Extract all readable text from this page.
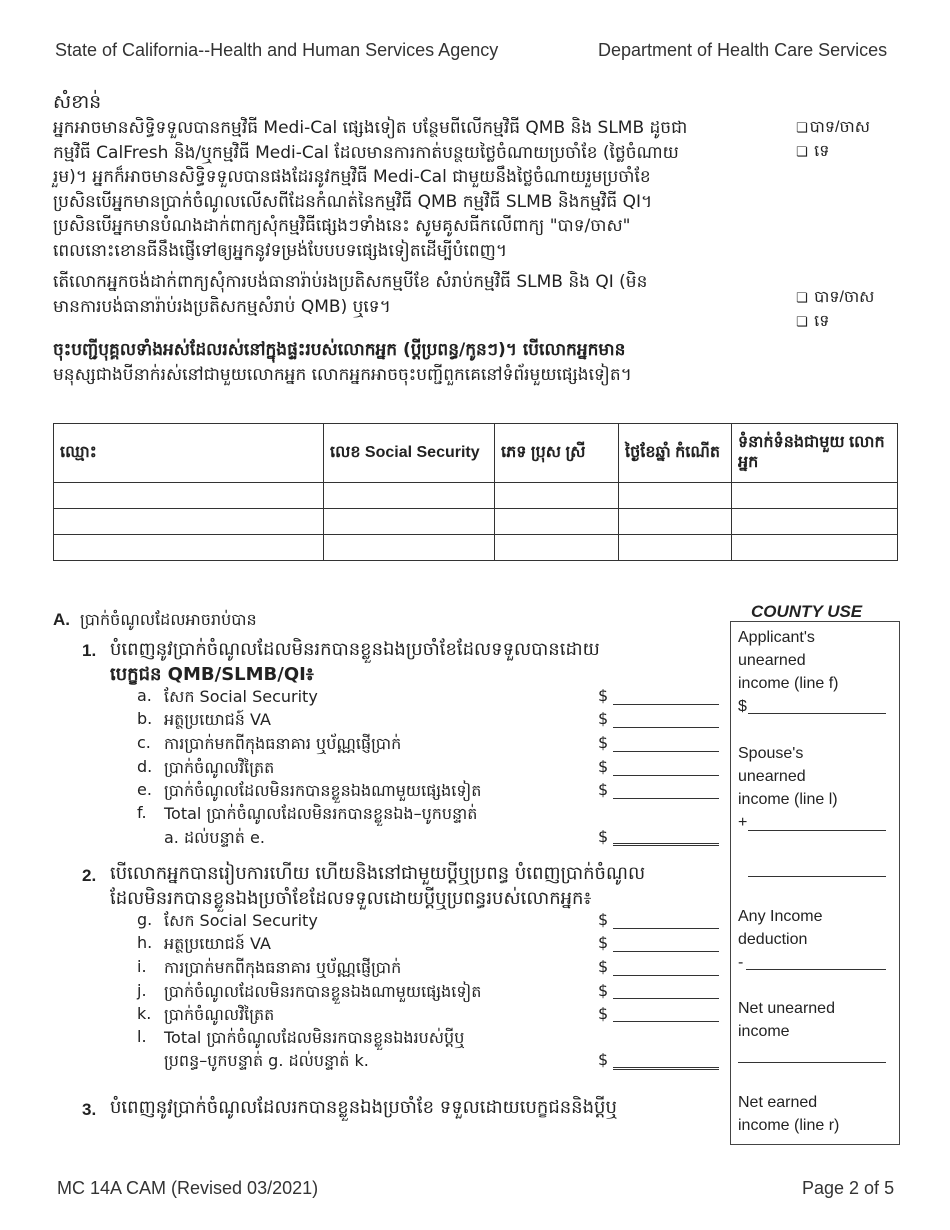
State of California--Health and Human Services Agency	Department of Health Care Services
សំខាន់
អ្នកអាចមានសិទ្ធិទទួលបានកម្មវិធី Medi-Cal ផ្សេងទៀត បន្ថែមពីលើកម្មវិធី QMB និង SLMB ដូចជា
កម្មវិធី CalFresh និង/ឬកម្មវិធី Medi-Cal ដែលមានការកាត់បន្ថយថ្លៃចំណាយប្រចាំខែ (ថ្លៃចំណាយ
រួម)។ អ្នកក៏អាចមានសិទ្ធិទទួលបានផងដែរនូវកម្មវិធី Medi-Cal ជាមួយនឹងថ្លៃចំណាយរួមប្រចាំខែ
ប្រសិនបើអ្នកមានប្រាក់ចំណូលលើសពីដែនកំណត់នៃកម្មវិធី QMB កម្មវិធី SLMB និងកម្មវិធី QI។
ប្រសិនបើអ្នកមានបំណងដាក់ពាក្យសុំកម្មវិធីផ្សេងៗទាំងនេះ សូមគូសធីកលើពាក្យ "បាទ/ចាស"
ពេលនោះខោនធីនឹងផ្ញើទៅឲ្យអ្នកនូវទម្រង់បែបបទផ្សេងទៀតដើម្បីបំពេញ។
❏ បាទ/ចាស
❏ ទេ
តើលោកអ្នកចង់ដាក់ពាក្យសុំការបង់ធានារ៉ាប់រងប្រតិសកម្មបីខែ សំរាប់កម្មវិធី SLMB និង QI (មិន
មានការបង់ធានារ៉ាប់រងប្រតិសកម្មសំរាប់ QMB) ឬទេ។	❏ បាទ/ចាស
❏ ទេ
ចុះបញ្ជីបុគ្គលទាំងអស់ដែលរស់នៅក្នុងផ្ទះរបស់លោកអ្នក (ប្តីប្រពន្ធ/កូនៗ)។ បើលោកអ្នកមាន
មនុស្សជាងបីនាក់រស់នៅជាមួយលោកអ្នក លោកអ្នកអាចចុះបញ្ជីពួកគេនៅទំព័រមួយផ្សេងទៀត។
ឈ្មោះ	លេខ Social Security	ភេទ ប្រុស ស្រី	ថ្ងៃខែឆ្នាំ កំណើត	ទំនាក់ទំនងជាមួយ លោកអ្នក

A. ប្រាក់ចំណូលដែលអាចរាប់បាន
1. បំពេញនូវប្រាក់ចំណូលដែលមិនរកបានខ្លួនឯងប្រចាំខែដែលទទួលបានដោយ
បេក្ខជន QMB/SLMB/QI៖
a. សែក Social Security	$
b. អត្ថប្រយោជន៍ VA	$
c. ការប្រាក់មកពីកុងធនាគារ ឬប័ណ្ណផ្ញើប្រាក់	$
d. ប្រាក់ចំណូលវិត្រៃត	$
e. ប្រាក់ចំណូលដែលមិនរកបានខ្លួនឯងណាមួយផ្សេងទៀត	$
f. Total ប្រាក់ចំណូលដែលមិនរកបានខ្លួនឯង–បូកបន្ទាត់
a. ដល់បន្ទាត់ e.	$
2. បើលោកអ្នកបានរៀបការហើយ ហើយនិងនៅជាមួយប្តីឬប្រពន្ធ បំពេញប្រាក់ចំណូល
ដែលមិនរកបានខ្លួនឯងប្រចាំខែដែលទទួលដោយប្តីឬប្រពន្ធរបស់លោកអ្នក៖
g. សែក Social Security	$
h. អត្ថប្រយោជន៍ VA	$
i. ការប្រាក់មកពីកុងធនាគារ ឬប័ណ្ណផ្ញើប្រាក់	$
j. ប្រាក់ចំណូលដែលមិនរកបានខ្លួនឯងណាមួយផ្សេងទៀត	$
k. ប្រាក់ចំណូលវិត្រៃត	$
l. Total ប្រាក់ចំណូលដែលមិនរកបានខ្លួនឯងរបស់ប្តីឬ
ប្រពន្ធ–បូកបន្ទាត់ g. ដល់បន្ទាត់ k.	$
3. បំពេញនូវប្រាក់ចំណូលដែលរកបានខ្លួនឯងប្រចាំខែ ទទួលដោយបេក្ខជននិងប្តីឬ
COUNTY USE
Applicant's
unearned
income (line f)
$
Spouse's
unearned
income (line l)
+
Any Income
deduction
-
Net unearned
income
Net earned
income (line r)
MC 14A CAM (Revised 03/2021)	Page 2 of 5
